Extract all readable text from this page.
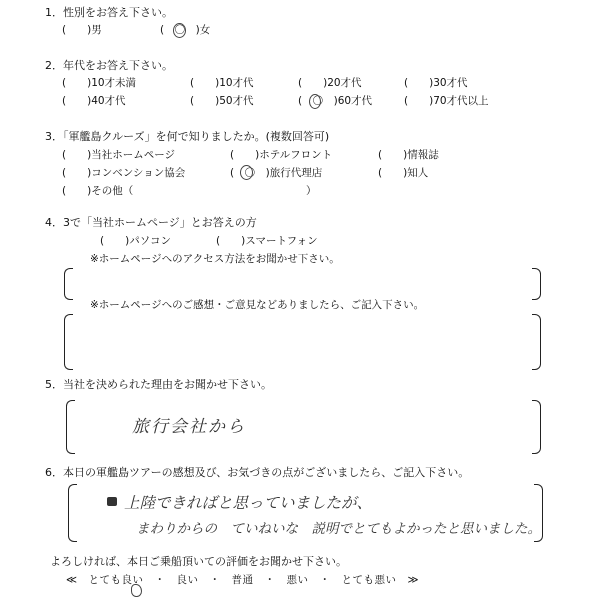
1．性別をお答え下さい。
(　　)男	(　〇　)女
2．年代をお答え下さい。
(　　)10才未満	(　　)10才代	(　　)20才代	(　　)30才代
(　　)40才代	(　　)50才代	(　〇　)60才代	(　　)70才代以上
3．「軍艦島クルーズ」を何で知りましたか。(複数回答可)
(　　)当社ホームページ	(　　)ホテルフロント	(　　)情報誌
(　　)コンベンション協会	(　〇　)旅行代理店	(　　)知人
(　　)その他（	）
4．3で「当社ホームページ」とお答えの方
(　　)パソコン	(　　)スマートフォン
※ホームページへのアクセス方法をお聞かせ下さい。
※ホームページへのご感想・ご意見などありましたら、ご記入下さい。
5．当社を決められた理由をお聞かせ下さい。
旅行会社から
6．本日の軍艦島ツアーの感想及び、お気づきの点がございましたら、ご記入下さい。
上陸できればと思っていましたが、
まわりからの　ていねいな　説明でとてもよかったと思いました。
よろしければ、本日ご乗船頂いての評価をお聞かせ下さい。
≪　とても良い　・　良い　・　普通　・　悪い　・　とても悪い　≫
